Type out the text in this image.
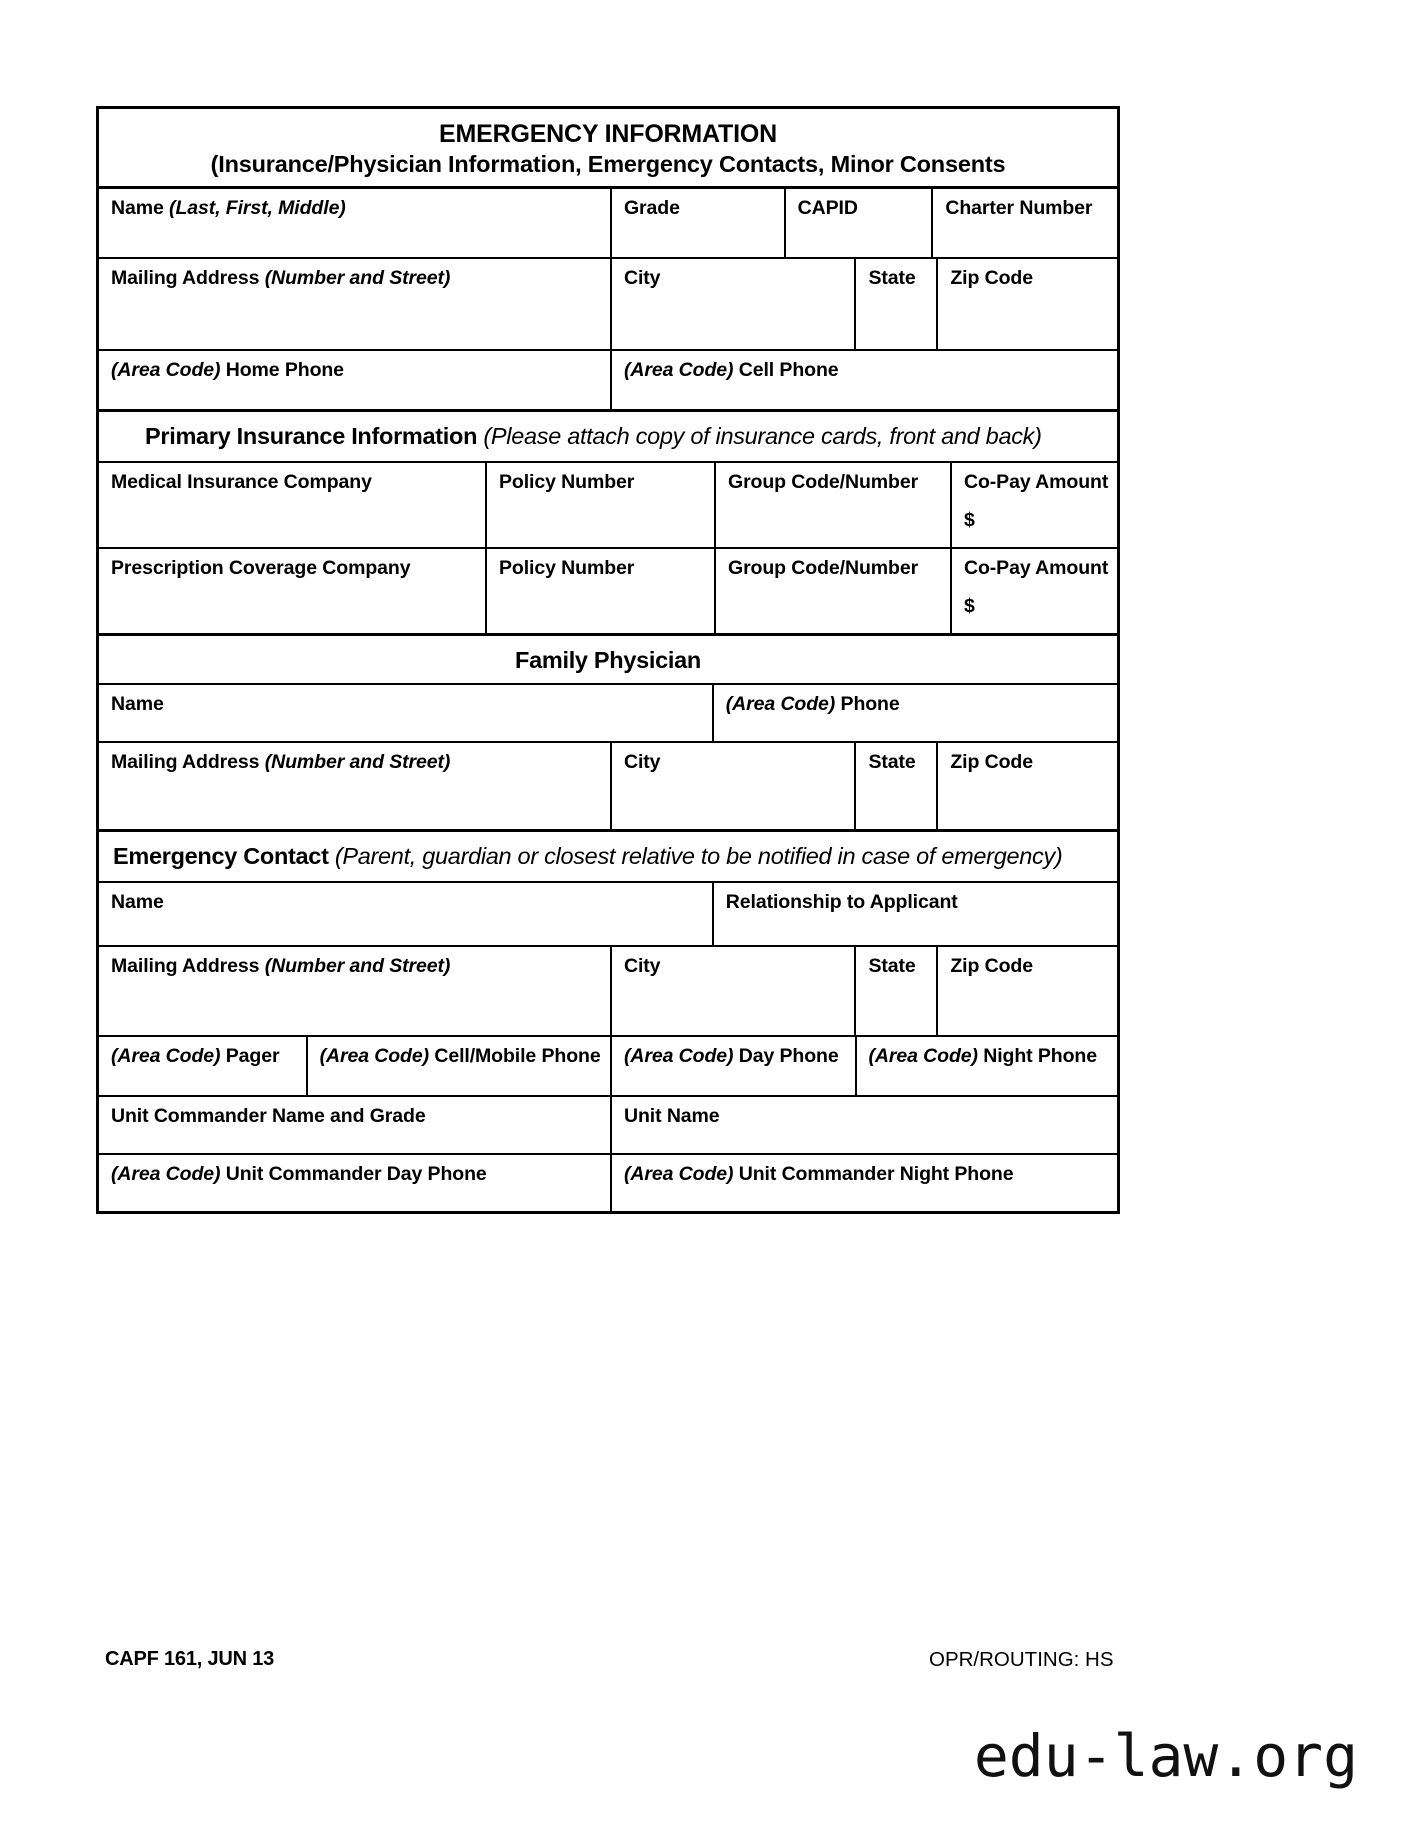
EMERGENCY INFORMATION
(Insurance/Physician Information, Emergency Contacts, Minor Consents
Name (Last, First, Middle)	Grade	CAPID	Charter Number
Mailing Address (Number and Street)	City	State	Zip Code
(Area Code) Home Phone	(Area Code) Cell Phone
Primary Insurance Information (Please attach copy of insurance cards, front and back)
Medical Insurance Company	Policy Number	Group Code/Number	Co-Pay Amount
$
Prescription Coverage Company	Policy Number	Group Code/Number	Co-Pay Amount
$
Family Physician
Name	(Area Code) Phone
Mailing Address (Number and Street)	City	State	Zip Code
Emergency Contact (Parent, guardian or closest relative to be notified in case of emergency)
Name	Relationship to Applicant
Mailing Address (Number and Street)	City	State	Zip Code
(Area Code) Pager	(Area Code) Cell/Mobile Phone	(Area Code) Day Phone	(Area Code) Night Phone
Unit Commander Name and Grade	Unit Name
(Area Code) Unit Commander Day Phone	(Area Code) Unit Commander Night Phone
CAPF 161, JUN 13	OPR/ROUTING: HS
edu-law.org
